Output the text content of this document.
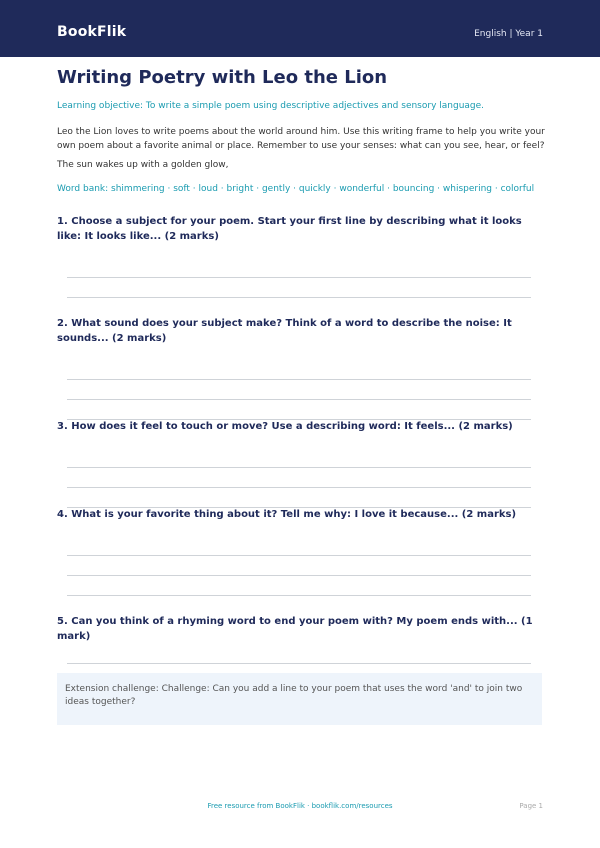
BookFlik	English | Year 1
Writing Poetry with Leo the Lion
Learning objective: To write a simple poem using descriptive adjectives and sensory language.
Leo the Lion loves to write poems about the world around him. Use this writing frame to help you write your own poem about a favorite animal or place. Remember to use your senses: what can you see, hear, or feel?
The sun wakes up with a golden glow,
Word bank: shimmering · soft · loud · bright · gently · quickly · wonderful · bouncing · whispering · colorful
1. Choose a subject for your poem. Start your first line by describing what it looks like: It looks like... (2 marks)
2. What sound does your subject make? Think of a word to describe the noise: It sounds... (2 marks)
3. How does it feel to touch or move? Use a describing word: It feels... (2 marks)
4. What is your favorite thing about it? Tell me why: I love it because... (2 marks)
5. Can you think of a rhyming word to end your poem with? My poem ends with... (1 mark)
Extension challenge: Challenge: Can you add a line to your poem that uses the word 'and' to join two ideas together?
Free resource from BookFlik · bookflik.com/resources	Page 1
